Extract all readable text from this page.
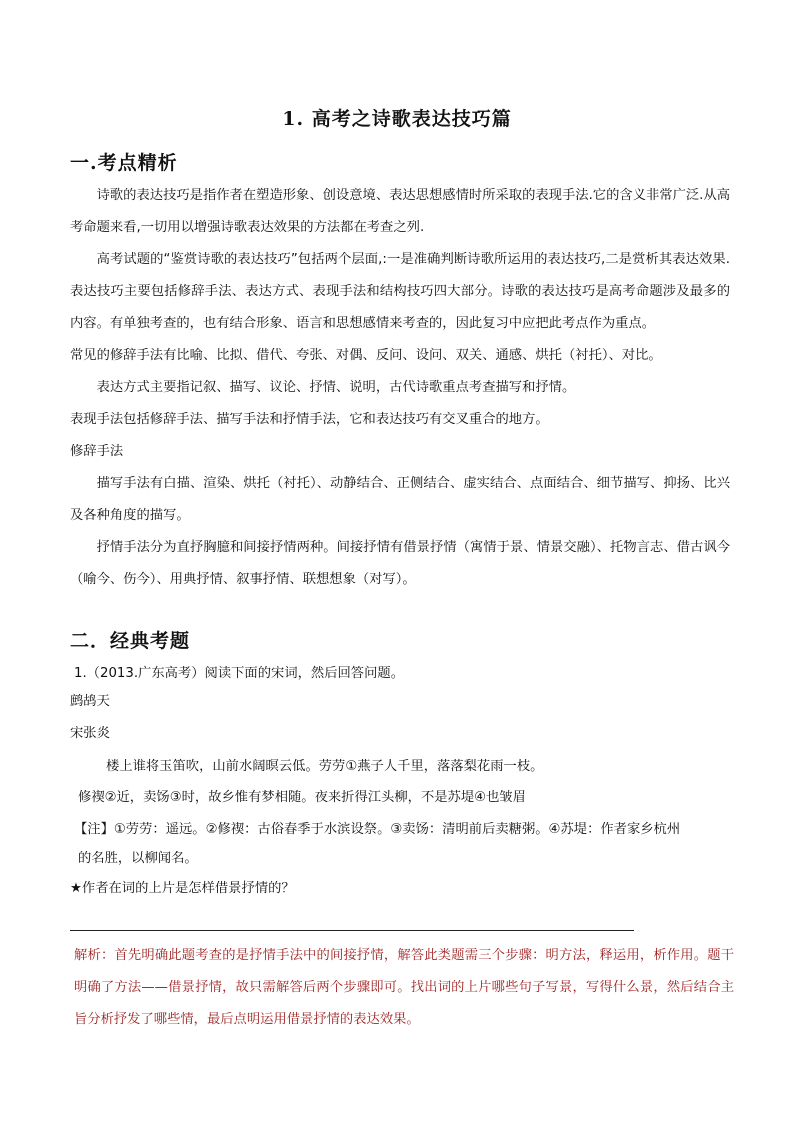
1. 高考之诗歌表达技巧篇
一.考点精析

诗歌的表达技巧是指作者在塑造形象、创设意境、表达思想感情时所采取的表现手法.它的含义非常广泛.从高考命题来看,一切用以增强诗歌表达效果的方法都在考查之列.

高考试题的“鉴赏诗歌的表达技巧”包括两个层面,:一是准确判断诗歌所运用的表达技巧,二是赏析其表达效果.表达技巧主要包括修辞手法、表达方式、表现手法和结构技巧四大部分。诗歌的表达技巧是高考命题涉及最多的内容。有单独考查的，也有结合形象、语言和思想感情来考查的，因此复习中应把此考点作为重点。

常见的修辞手法有比喻、比拟、借代、夸张、对偶、反问、设问、双关、通感、烘托（衬托）、对比。

表达方式主要指记叙、描写、议论、抒情、说明，古代诗歌重点考查描写和抒情。

表现手法包括修辞手法、描写手法和抒情手法，它和表达技巧有交叉重合的地方。

修辞手法

描写手法有白描、渲染、烘托（衬托）、动静结合、正侧结合、虚实结合、点面结合、细节描写、抑扬、比兴及各种角度的描写。

抒情手法分为直抒胸臆和间接抒情两种。间接抒情有借景抒情（寓情于景、情景交融）、托物言志、借古讽今（喻今、伤今）、用典抒情、叙事抒情、联想想象（对写）。

二．经典考题
1.（2013.广东高考）阅读下面的宋词，然后回答问题。
鹧鸪天
宋张炎
楼上谁将玉笛吹，山前水阔暝云低。劳劳①燕子人千里，落落梨花雨一枝。
修禊②近，卖饧③时，故乡惟有梦相随。夜来折得江头柳，不是苏堤④也皱眉

【注】①劳劳：遥远。②修禊：古俗春季于水滨设祭。③卖饧：清明前后卖糖粥。④苏堤：作者家乡杭州

的名胜，以柳闻名。

★作者在词的上片是怎样借景抒情的？

解析：首先明确此题考查的是抒情手法中的间接抒情，解答此类题需三个步骤：明方法，释运用，析作用。题干明确了方法——借景抒情，故只需解答后两个步骤即可。找出词的上片哪些句子写景，写得什么景，然后结合主旨分析抒发了哪些情，最后点明运用借景抒情的表达效果。
